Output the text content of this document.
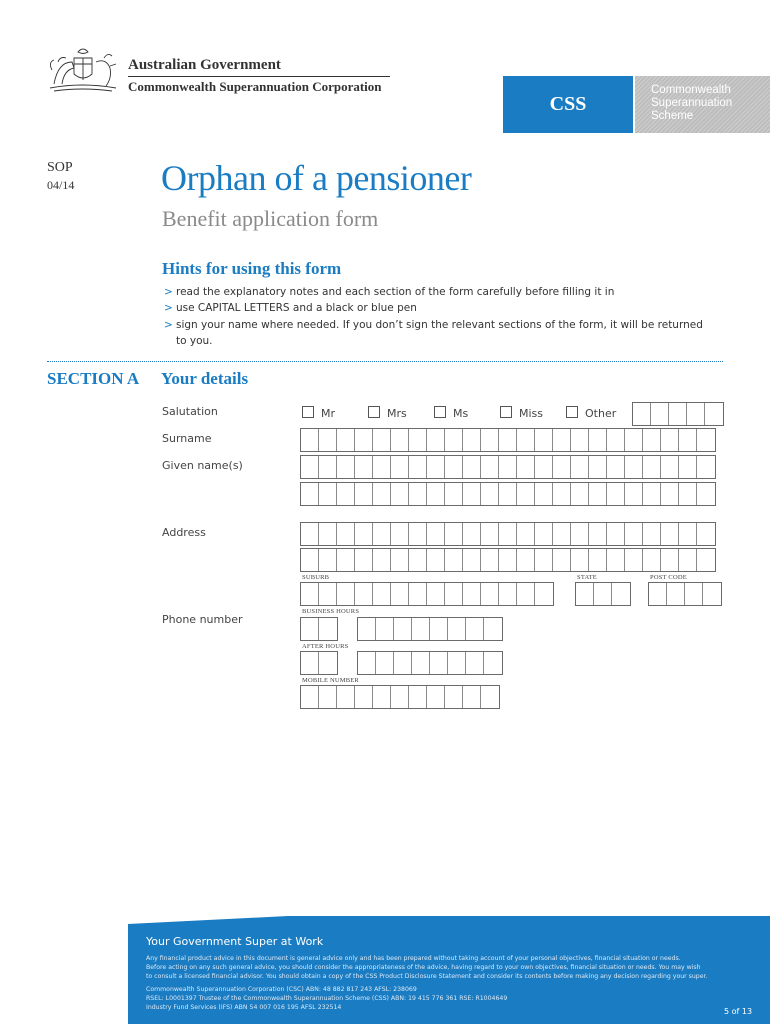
Australian Government
Commonwealth Superannuation Corporation
CSS
Commonwealth
Superannuation
Scheme
SOP
04/14 Orphan of a pensioner
Benefit application form
Hints for using this form
> read the explanatory notes and each section of the form carefully before filling it in
> use CAPITAL LETTERS and a black or blue pen
> sign your name where needed. If you don’t sign the relevant sections of the form, it will be returned
to you.
SECTION A Your details
Salutation	Mr	Mrs	Ms	Miss	Other
Surname
Given name(s)
Address
SUBURB	STATE	POST CODE
BUSINESS HOURS
Phone number
AFTER HOURS
MOBILE NUMBER
Your Government Super at Work
Any financial product advice in this document is general advice only and has been prepared without taking account of your personal objectives, financial situation or needs.
Before acting on any such general advice, you should consider the appropriateness of the advice, having regard to your own objectives, financial situation or needs. You may wish
to consult a licensed financial advisor. You should obtain a copy of the CSS Product Disclosure Statement and consider its contents before making any decision regarding your super.
Commonwealth Superannuation Corporation (CSC) ABN: 48 882 817 243 AFSL: 238069
RSEL: L0001397 Trustee of the Commonwealth Superannuation Scheme (CSS) ABN: 19 415 776 361 RSE: R1004649
Industry Fund Services (IFS) ABN 54 007 016 195 AFSL 232514	5 of 13
